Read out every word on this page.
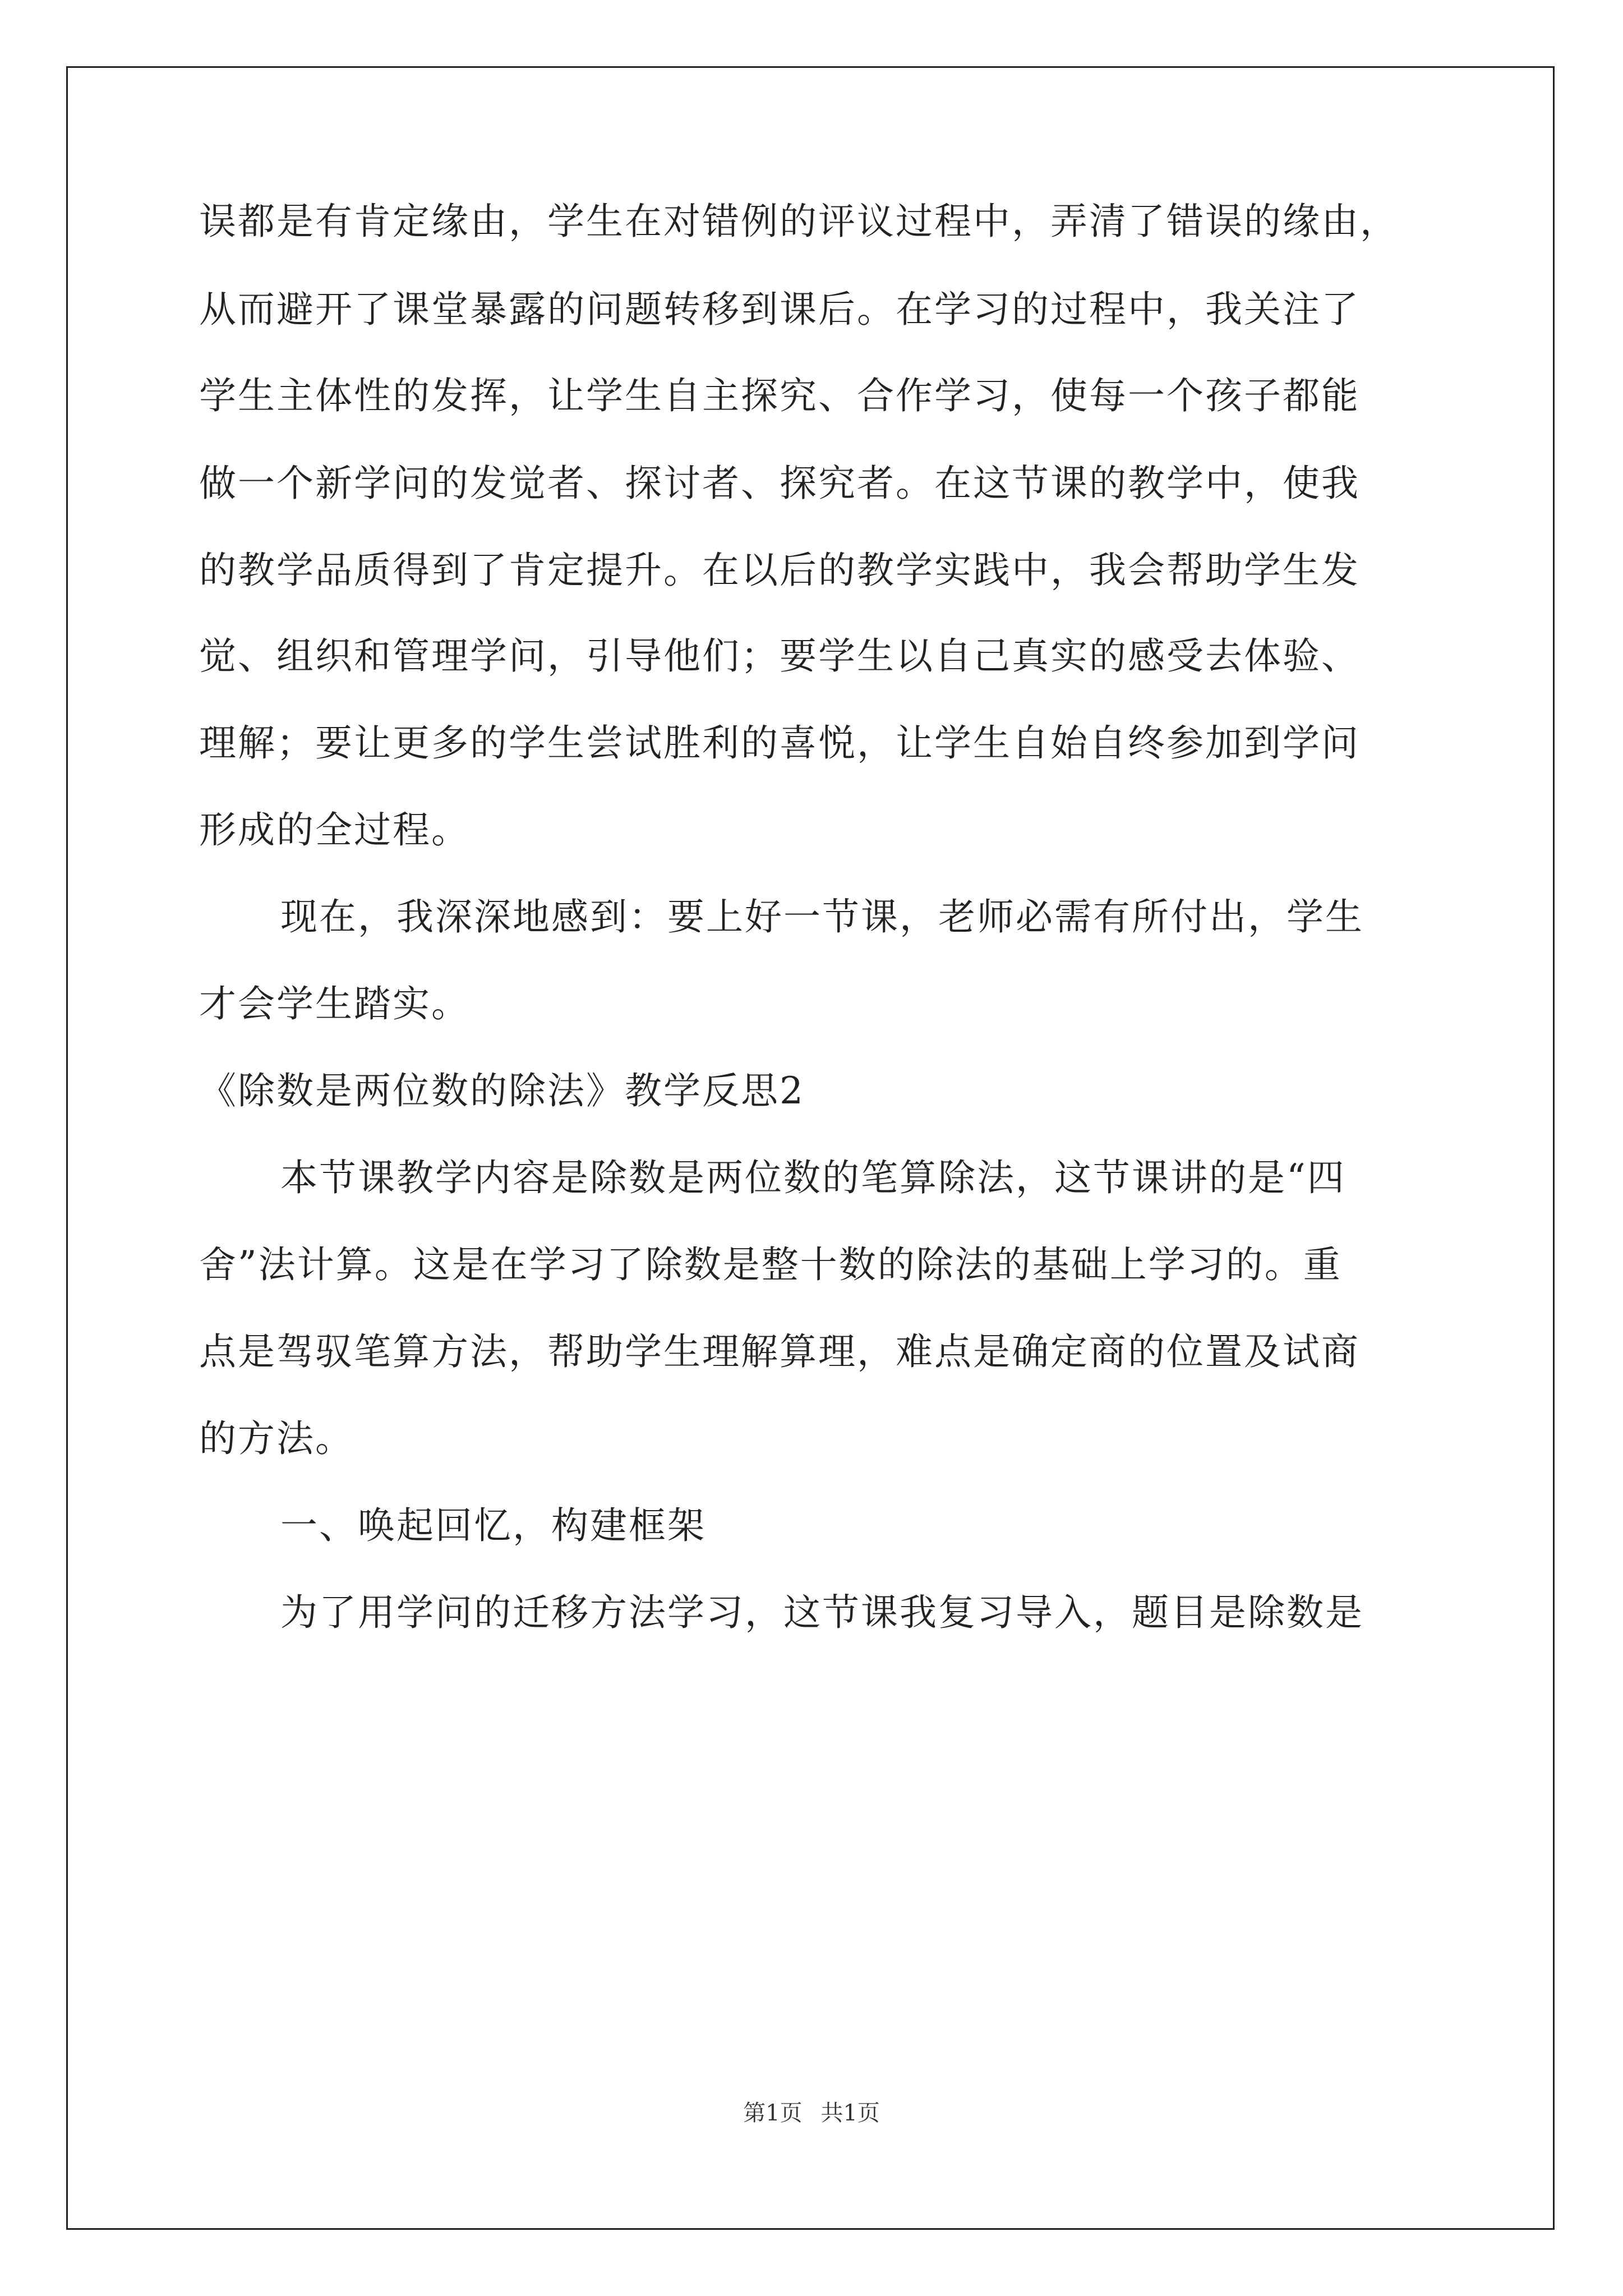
误都是有肯定缘由，学生在对错例的评议过程中，弄清了错误的缘由，
从而避开了课堂暴露的问题转移到课后。在学习的过程中，我关注了
学生主体性的发挥，让学生自主探究、合作学习，使每一个孩子都能
做一个新学问的发觉者、探讨者、探究者。在这节课的教学中，使我
的教学品质得到了肯定提升。在以后的教学实践中，我会帮助学生发
觉、组织和管理学问，引导他们；要学生以自己真实的感受去体验、
理解；要让更多的学生尝试胜利的喜悦，让学生自始自终参加到学问
形成的全过程。
现在，我深深地感到：要上好一节课，老师必需有所付出，学生
才会学生踏实。
《除数是两位数的除法》教学反思2
本节课教学内容是除数是两位数的笔算除法，这节课讲的是“四
舍”法计算。这是在学习了除数是整十数的除法的基础上学习的。重
点是驾驭笔算方法，帮助学生理解算理，难点是确定商的位置及试商
的方法。
一、唤起回忆，构建框架
为了用学问的迁移方法学习，这节课我复习导入，题目是除数是
第1页 共1页
